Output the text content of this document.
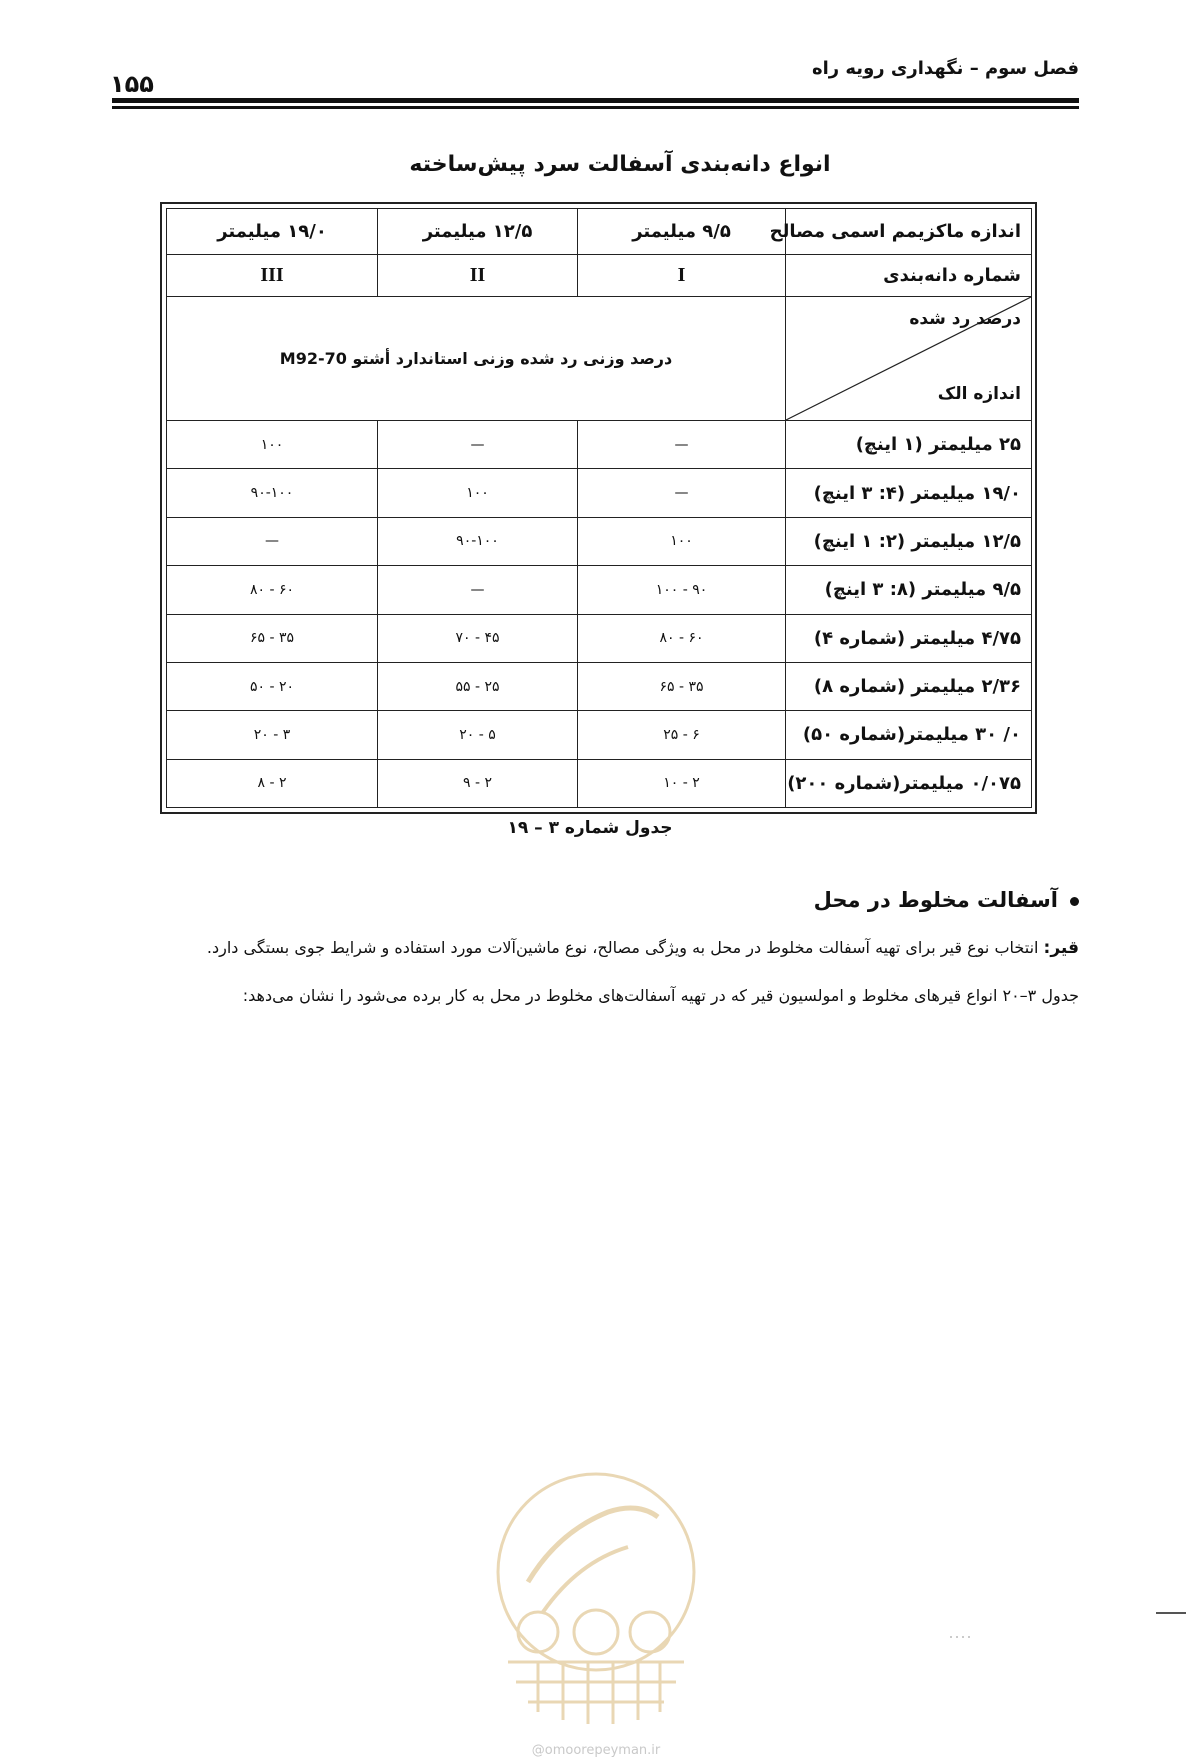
۱۵۵
فصل سوم – نگهداری رویه راه
انواع دانه‌بندی آسفالت سرد پیش‌ساخته
اندازه ماکزیمم اسمی مصالح	۹/۵ میلیمتر	۱۲/۵ میلیمتر	۱۹/۰ میلیمتر
شماره دانه‌بندی	I	II	III

درصد رد شده
اندازه الک	درصد وزنی رد شده وزنی استاندارد أشتو M92-70		
۲۵ میلیمتر (۱ اینچ)	—	—	۱۰۰
۱۹/۰ میلیمتر (۴: ۳ اینچ)	—	۱۰۰	۹۰-۱۰۰
۱۲/۵ میلیمتر (۲: ۱ اینچ)	۱۰۰	۹۰-۱۰۰	—
۹/۵ میلیمتر (۸: ۳ اینچ)	۹۰ - ۱۰۰	—	۶۰ - ۸۰
۴/۷۵ میلیمتر (شماره ۴)	۶۰ - ۸۰	۴۵ - ۷۰	۳۵ - ۶۵
۲/۳۶ میلیمتر (شماره ۸)	۳۵ - ۶۵	۲۵ - ۵۵	۲۰ - ۵۰
۰/ ۳۰ میلیمتر(شماره ۵۰)	۶ - ۲۵	۵ - ۲۰	۳ - ۲۰
۰/۰۷۵ میلیمتر(شماره ۲۰۰)	۲ - ۱۰	۲ - ۹	۲ - ۸
جدول شماره ۳ – ۱۹
آسفالت مخلوط در محل
قیر: انتخاب نوع قیر برای تهیه آسفالت مخلوط در محل به ویژگی مصالح، نوع ماشین‌آلات مورد استفاده و شرایط جوی بستگی دارد.
جدول ۳–۲۰ انواع قیرهای مخلوط و امولسیون قیر که در تهیه آسفالت‌های مخلوط در محل به کار برده می‌شود را نشان می‌دهد:
@omoorepeyman.ir
